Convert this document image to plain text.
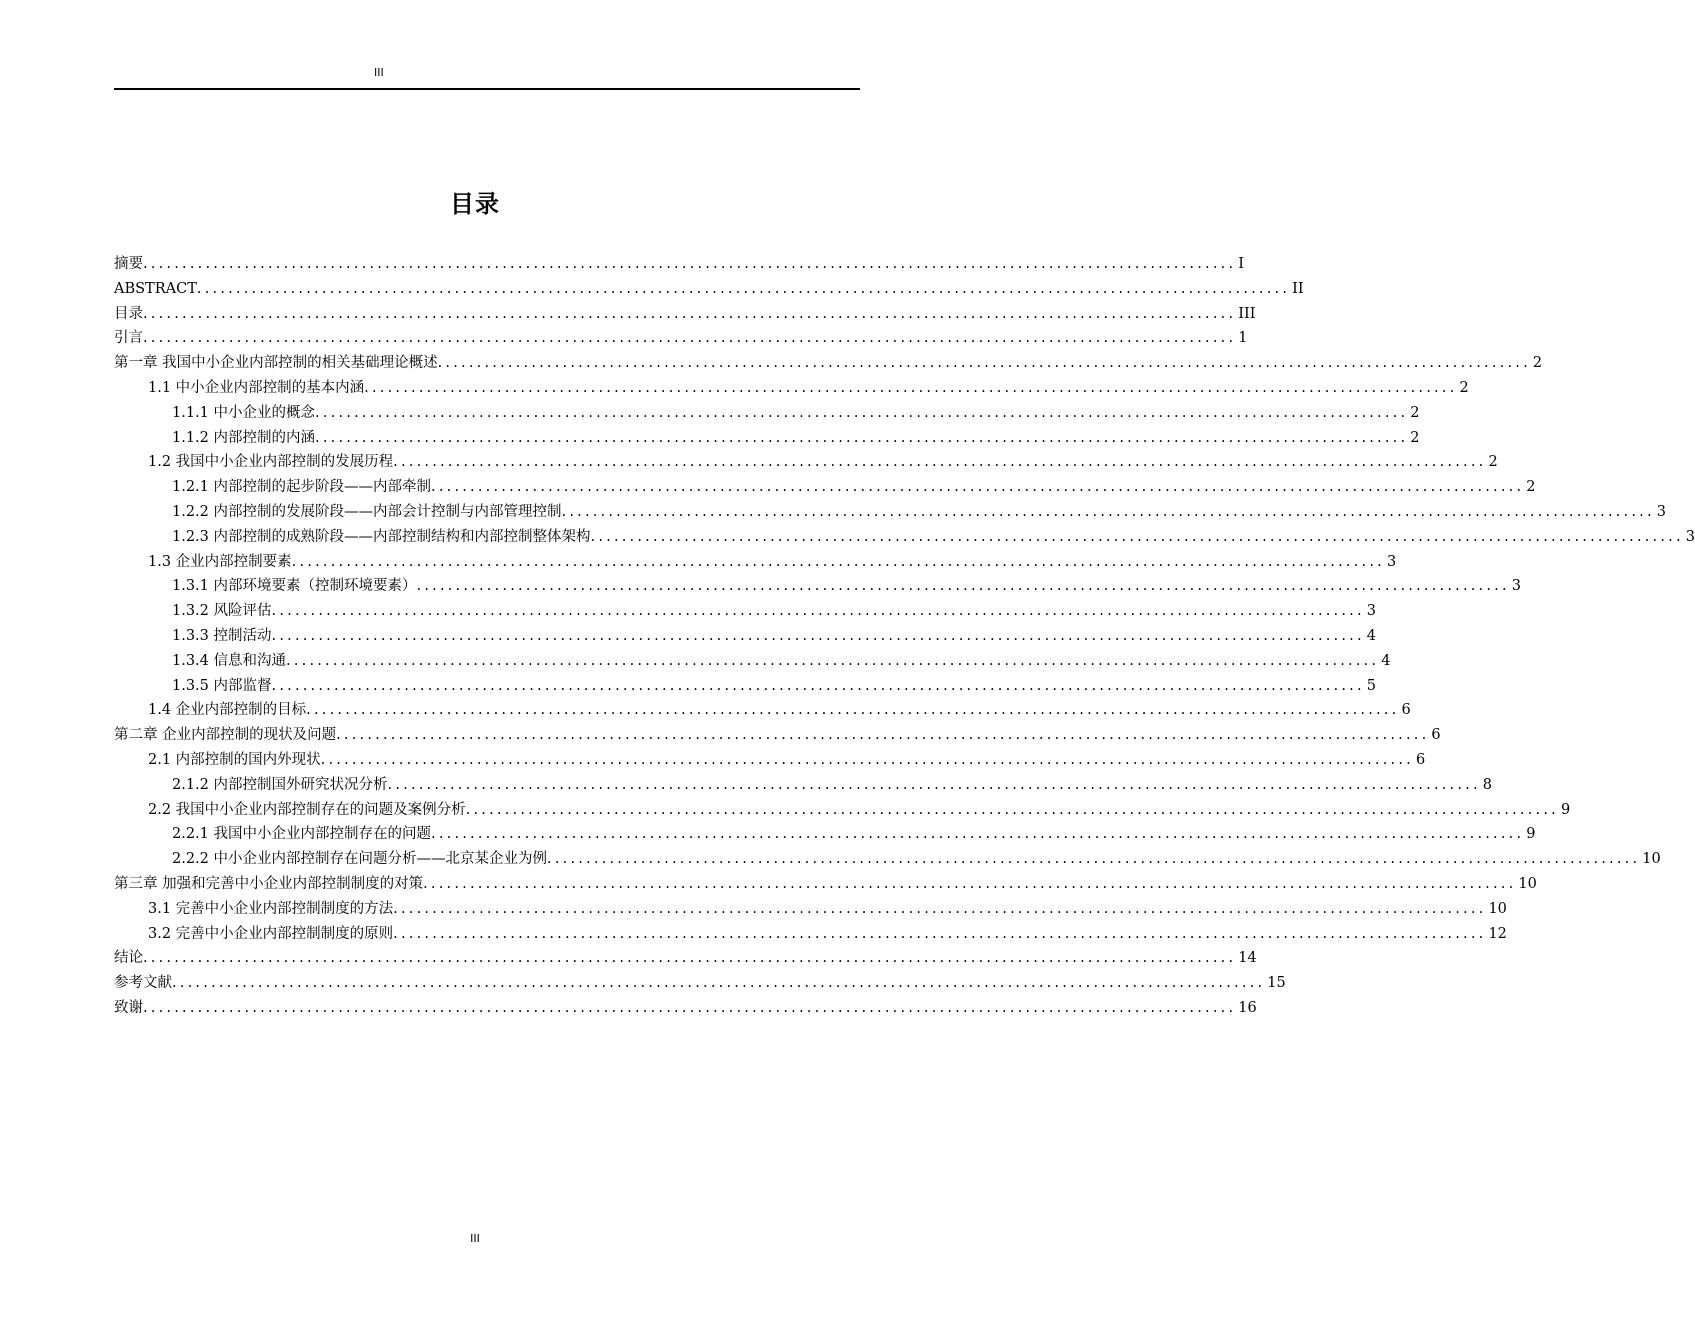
III
目录
摘要 ............................................................................................................................................ I
ABSTRACT ............................................................................................................................................ II
目录 ............................................................................................................................................ III
引言 ............................................................................................................................................ 1
第一章 我国中小企业内部控制的相关基础理论概述 ............................................................................................................................................ 2
1.1 中小企业内部控制的基本内涵 ............................................................................................................................................ 2
1.1.1 中小企业的概念 ............................................................................................................................................ 2
1.1.2 内部控制的内涵 ............................................................................................................................................ 2
1.2 我国中小企业内部控制的发展历程 ............................................................................................................................................ 2
1.2.1 内部控制的起步阶段——内部牵制 ............................................................................................................................................ 2
1.2.2 内部控制的发展阶段——内部会计控制与内部管理控制 ............................................................................................................................................ 3
1.2.3 内部控制的成熟阶段——内部控制结构和内部控制整体架构 ............................................................................................................................................ 3
1.3 企业内部控制要素 ............................................................................................................................................ 3
1.3.1 内部环境要素（控制环境要素） ............................................................................................................................................ 3
1.3.2 风险评估 ............................................................................................................................................ 3
1.3.3 控制活动 ............................................................................................................................................ 4
1.3.4 信息和沟通 ............................................................................................................................................ 4
1.3.5 内部监督 ............................................................................................................................................ 5
1.4 企业内部控制的目标 ............................................................................................................................................ 6
第二章 企业内部控制的现状及问题 ............................................................................................................................................ 6
2.1 内部控制的国内外现状 ............................................................................................................................................ 6
2.1.2 内部控制国外研究状况分析 ............................................................................................................................................ 8
2.2 我国中小企业内部控制存在的问题及案例分析 ............................................................................................................................................ 9
2.2.1 我国中小企业内部控制存在的问题 ............................................................................................................................................ 9
2.2.2 中小企业内部控制存在问题分析——北京某企业为例 ............................................................................................................................................ 10
第三章 加强和完善中小企业内部控制制度的对策 ............................................................................................................................................ 10
3.1 完善中小企业内部控制制度的方法 ............................................................................................................................................ 10
3.2 完善中小企业内部控制制度的原则 ............................................................................................................................................ 12
结论 ............................................................................................................................................ 14
参考文献 ............................................................................................................................................ 15
致谢 ............................................................................................................................................ 16
III
